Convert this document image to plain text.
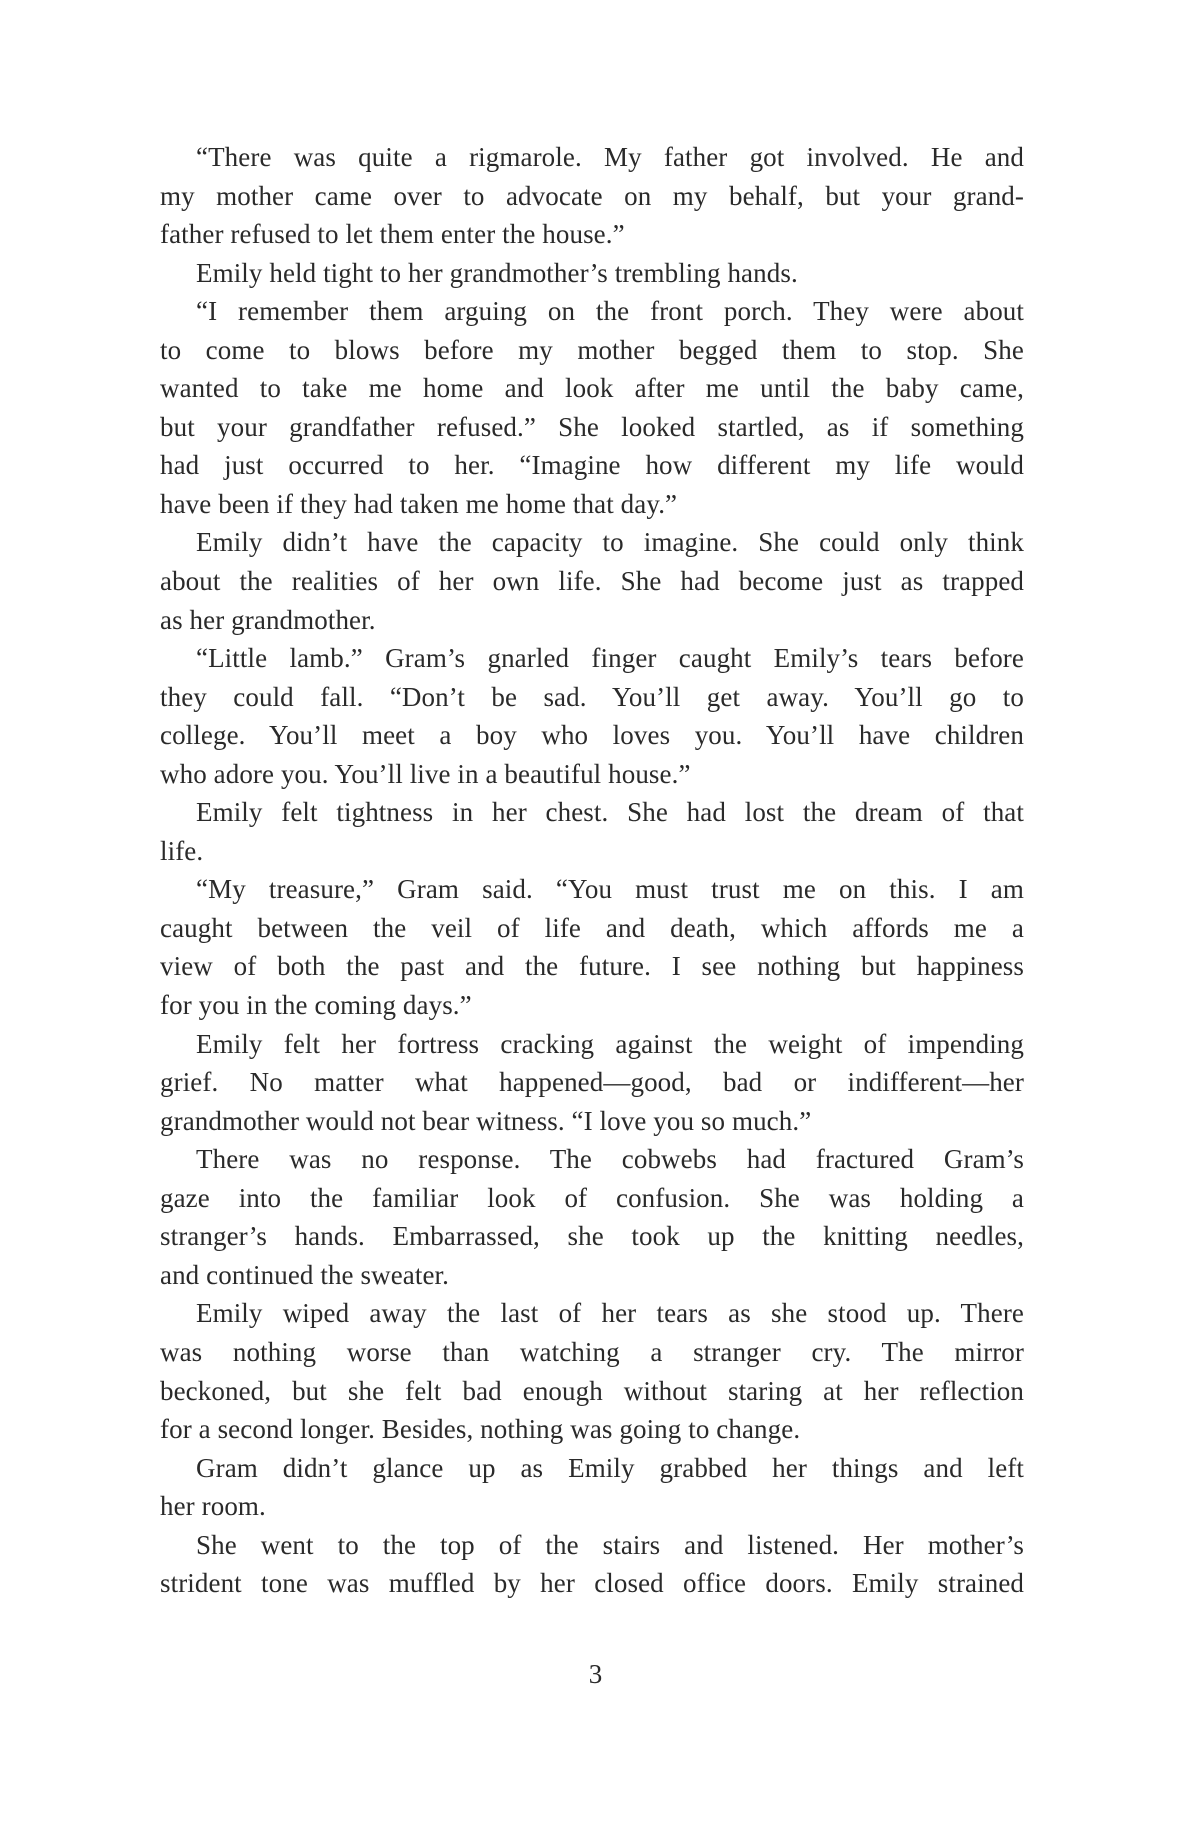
“There was quite a rigmarole. My father got involved. He and
my mother came over to advocate on my behalf, but your grand-
father refused to let them enter the house.”
Emily held tight to her grandmother’s trembling hands.
“I remember them arguing on the front porch. They were about
to come to blows before my mother begged them to stop. She
wanted to take me home and look after me until the baby came,
but your grandfather refused.” She looked startled, as if something
had just occurred to her. “Imagine how different my life would
have been if they had taken me home that day.”
Emily didn’t have the capacity to imagine. She could only think
about the realities of her own life. She had become just as trapped
as her grandmother.
“Little lamb.” Gram’s gnarled finger caught Emily’s tears before
they could fall. “Don’t be sad. You’ll get away. You’ll go to
college. You’ll meet a boy who loves you. You’ll have children
who adore you. You’ll live in a beautiful house.”
Emily felt tightness in her chest. She had lost the dream of that
life.
“My treasure,” Gram said. “You must trust me on this. I am
caught between the veil of life and death, which affords me a
view of both the past and the future. I see nothing but happiness
for you in the coming days.”
Emily felt her fortress cracking against the weight of impending
grief. No matter what happened—good, bad or indifferent—her
grandmother would not bear witness. “I love you so much.”
There was no response. The cobwebs had fractured Gram’s
gaze into the familiar look of confusion. She was holding a
stranger’s hands. Embarrassed, she took up the knitting needles,
and continued the sweater.
Emily wiped away the last of her tears as she stood up. There
was nothing worse than watching a stranger cry. The mirror
beckoned, but she felt bad enough without staring at her reflection
for a second longer. Besides, nothing was going to change.
Gram didn’t glance up as Emily grabbed her things and left
her room.
She went to the top of the stairs and listened. Her mother’s
strident tone was muffled by her closed office doors. Emily strained
3
